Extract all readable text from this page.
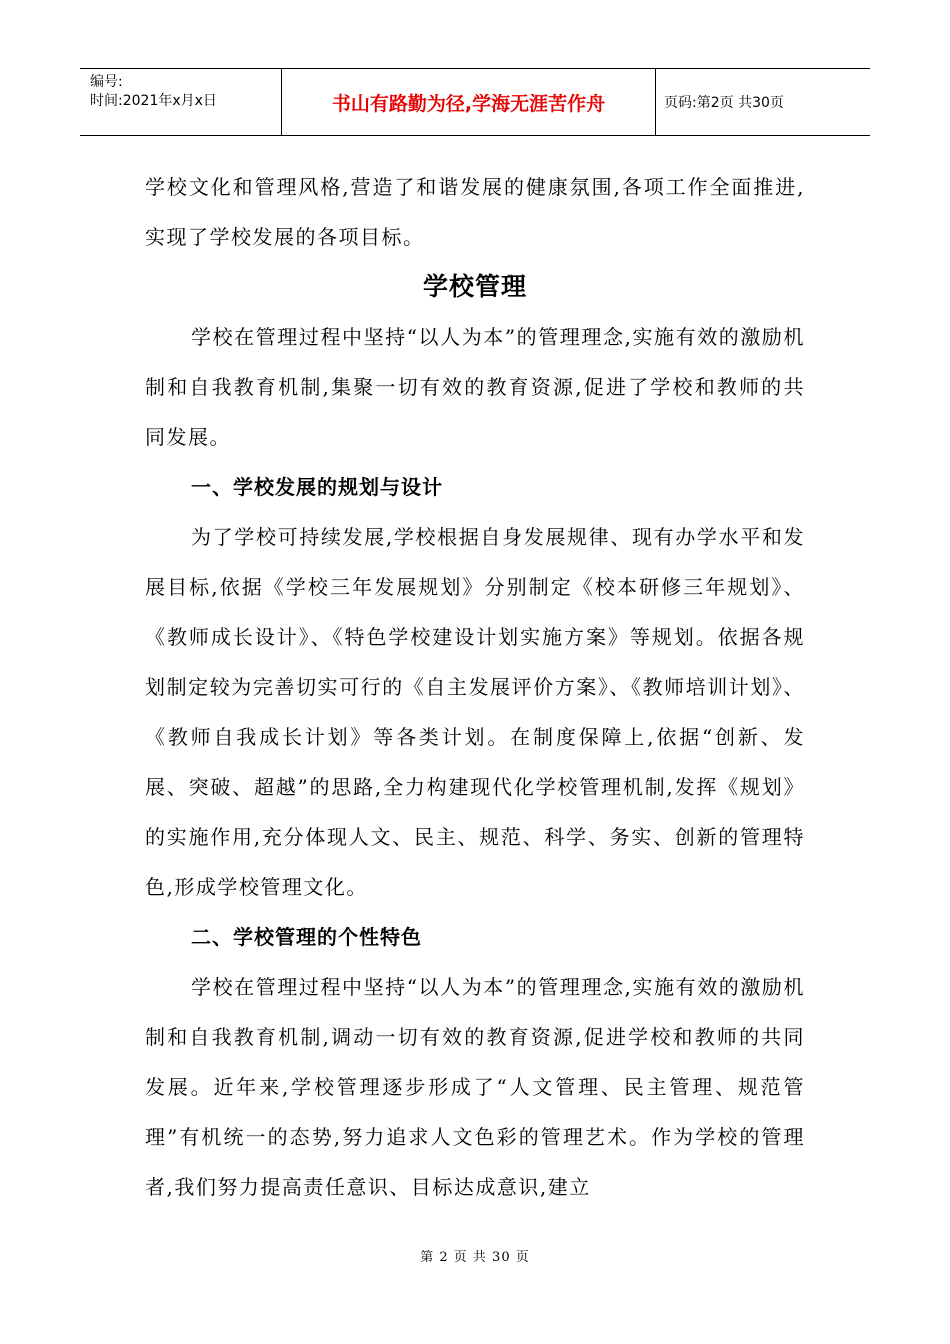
编号:
时间:2021年x月x日	书山有路勤为径,学海无涯苦作舟	页码:第2页 共30页

学校文化和管理风格,营造了和谐发展的健康氛围,各项工作全面推进,实现了学校发展的各项目标。

学校管理

学校在管理过程中坚持“以人为本”的管理理念,实施有效的激励机制和自我教育机制,集聚一切有效的教育资源,促进了学校和教师的共同发展。

一、学校发展的规划与设计

为了学校可持续发展,学校根据自身发展规律、现有办学水平和发展目标,依据《学校三年发展规划》分别制定《校本研修三年规划》、《教师成长设计》、《特色学校建设计划实施方案》等规划。依据各规划制定较为完善切实可行的《自主发展评价方案》、《教师培训计划》、《教师自我成长计划》等各类计划。在制度保障上,依据“创新、发展、突破、超越”的思路,全力构建现代化学校管理机制,发挥《规划》的实施作用,充分体现人文、民主、规范、科学、务实、创新的管理特色,形成学校管理文化。

二、学校管理的个性特色

学校在管理过程中坚持“以人为本”的管理理念,实施有效的激励机制和自我教育机制,调动一切有效的教育资源,促进学校和教师的共同发展。近年来,学校管理逐步形成了“人文管理、民主管理、规范管理”有机统一的态势,努力追求人文色彩的管理艺术。作为学校的管理者,我们努力提高责任意识、目标达成意识,建立

第 2 页 共 30 页
